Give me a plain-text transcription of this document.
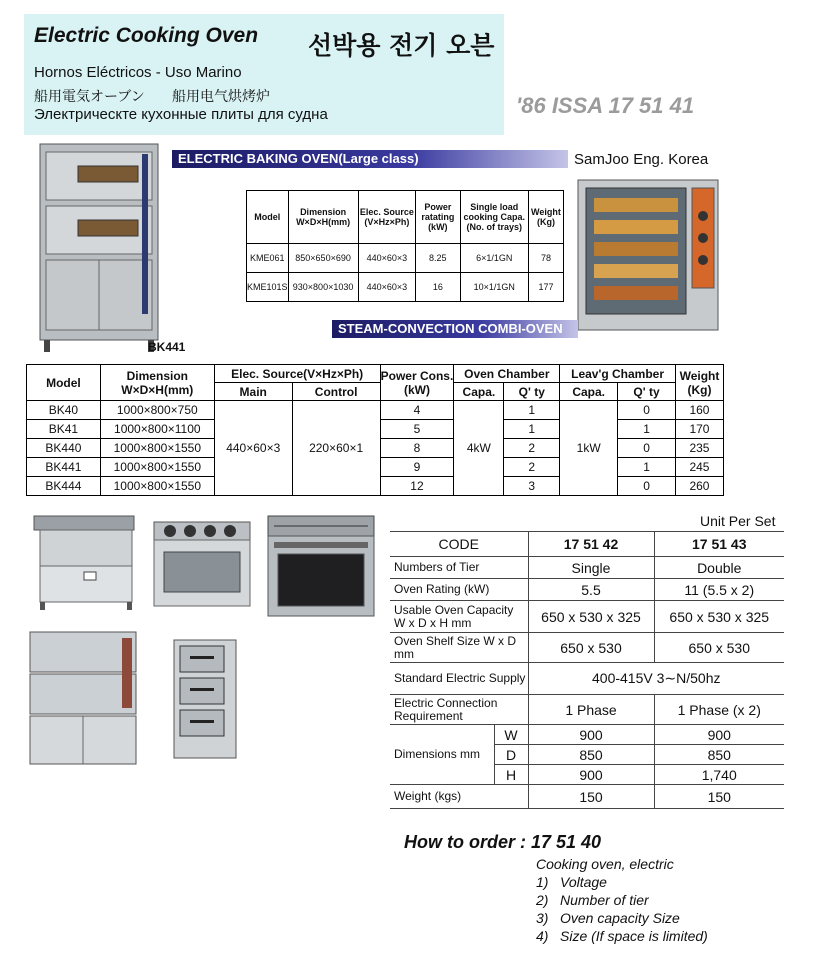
Electric Cooking Oven 선박용 전기 오븐
Hornos Eléctricos - Uso Marino
船用電気オーブン 船用电气烘烤炉
Электрическте кухонные плиты для судна	'86 ISSA 17 51 41
BK441
ELECTRIC BAKING OVEN(Large class)	SamJoo Eng. Korea
Model	Dimension W×D×H(mm)	Elec. Source (V×Hz×Ph)	Power ratating (kW)	Single load cooking Capa. (No. of trays)	Weight (Kg)
KME061	850×650×690	440×60×3	8.25	6×1/1GN	78
KME101S	930×800×1030	440×60×3	16	10×1/1GN	177
STEAM-CONVECTION COMBI-OVEN
Model	Dimension W×D×H(mm)	Elec. Source(V×Hz×Ph)		Power Cons.(kW)	Oven Chamber		Leav'g Chamber		Weight (Kg)
		Main	Control		Capa.	Q' ty	Capa.	Q' ty	
BK40	1000×800×750	440×60×3	220×60×1	4	4kW	1	1kW	0	160
BK41	1000×800×1100			5		1		1	170
BK440	1000×800×1550			8		2		0	235
BK441	1000×800×1550			9		2		1	245
BK444	1000×800×1550			12		3		0	260
Unit Per Set
CODE		17 51 42	17 51 43
Numbers of Tier		Single	Double
Oven Rating (kW)		5.5	11 (5.5 x 2)
Usable Oven Capacity W x D x H mm		650 x 530 x 325	650 x 530 x 325
Oven Shelf Size W x D mm		650 x 530	650 x 530
Standard Electric Supply		400-415V 3∼N/50hz	
Electric Connection Requirement		1 Phase	1 Phase (x 2)
Dimensions mm	W	900	900
	D	850	850
	H	900	1,740
Weight (kgs)		150	150
How to order : 17 51 40
Cooking oven, electric
1) Voltage
2) Number of tier
3) Oven capacity Size
4) Size (If space is limited)
